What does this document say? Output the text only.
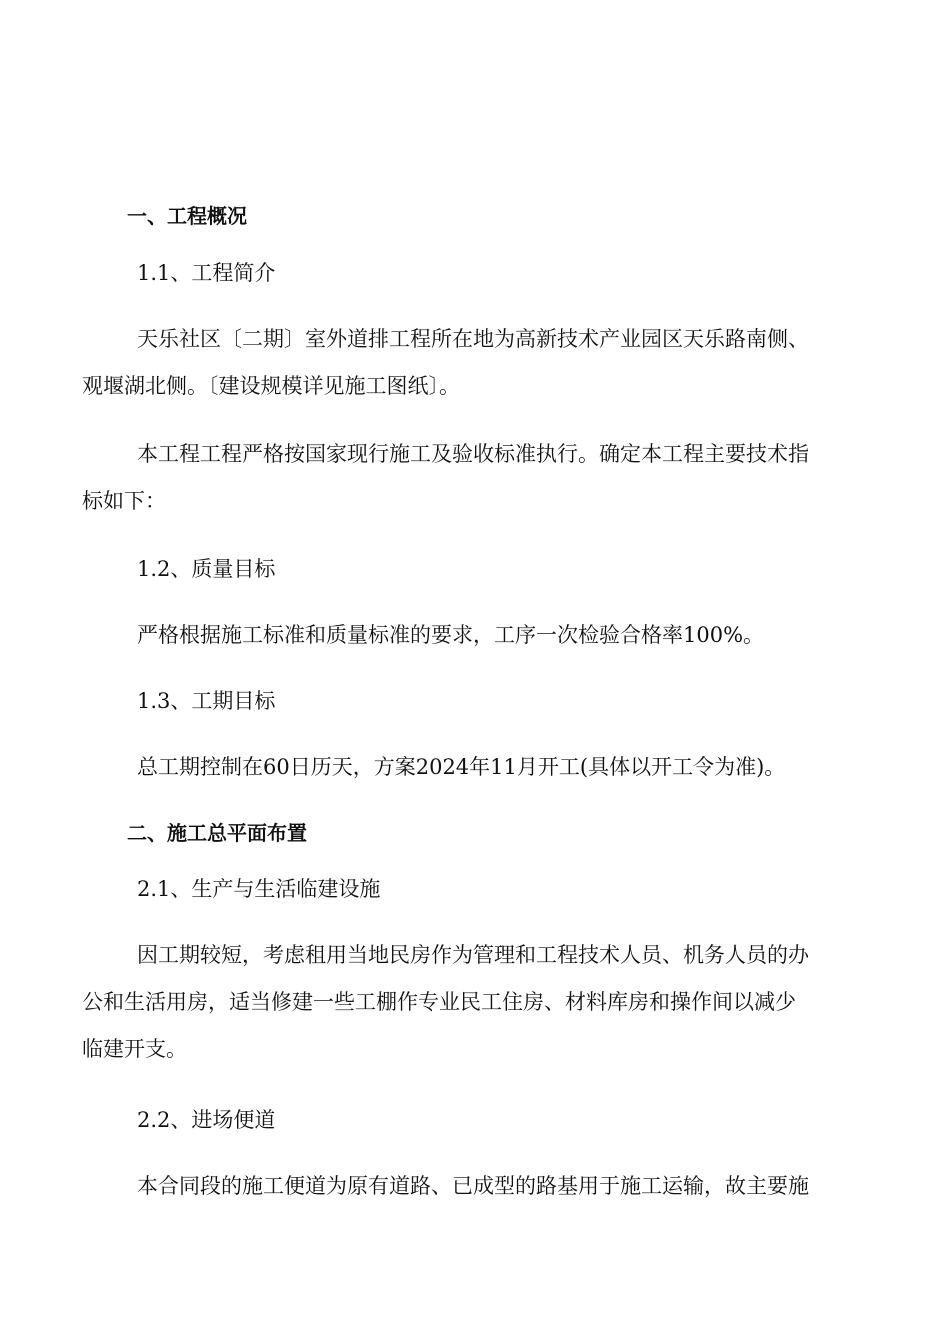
一、工程概况

1.1、工程简介

天乐社区〔二期〕室外道排工程所在地为高新技术产业园区天乐路南侧、
观堰湖北侧。〔建设规模详见施工图纸〕。

本工程工程严格按国家现行施工及验收标准执行。确定本工程主要技术指
标如下：

1.2、质量目标

严格根据施工标准和质量标准的要求，工序一次检验合格率100%。

1.3、工期目标

总工期控制在60日历天，方案2024年11月开工(具体以开工令为准)。

二、施工总平面布置

2.1、生产与生活临建设施

因工期较短，考虑租用当地民房作为管理和工程技术人员、机务人员的办
公和生活用房，适当修建一些工棚作专业民工住房、材料库房和操作间以减少
临建开支。

2.2、进场便道

本合同段的施工便道为原有道路、已成型的路基用于施工运输，故主要施
